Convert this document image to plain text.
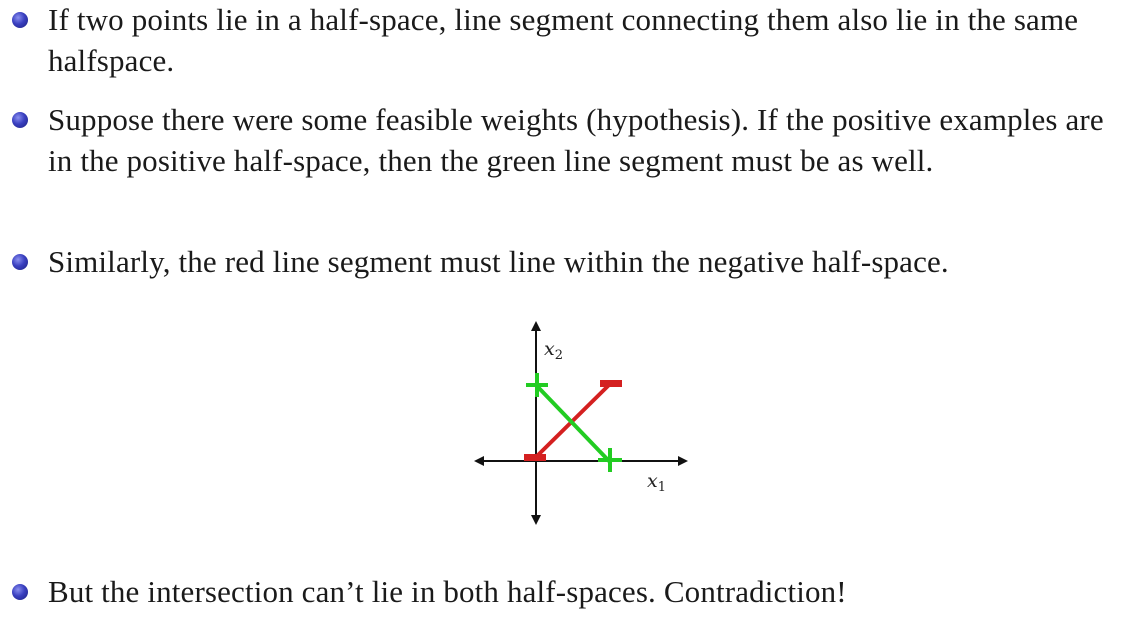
If two points lie in a half-space, line segment connecting them also lie in the same halfspace.
Suppose there were some feasible weights (hypothesis). If the positive examples are in the positive half-space, then the green line segment must be as well.
Similarly, the red line segment must line within the negative half-space.
$x_2$
$x_1$
But the intersection can’t lie in both half-spaces. Contradiction!
